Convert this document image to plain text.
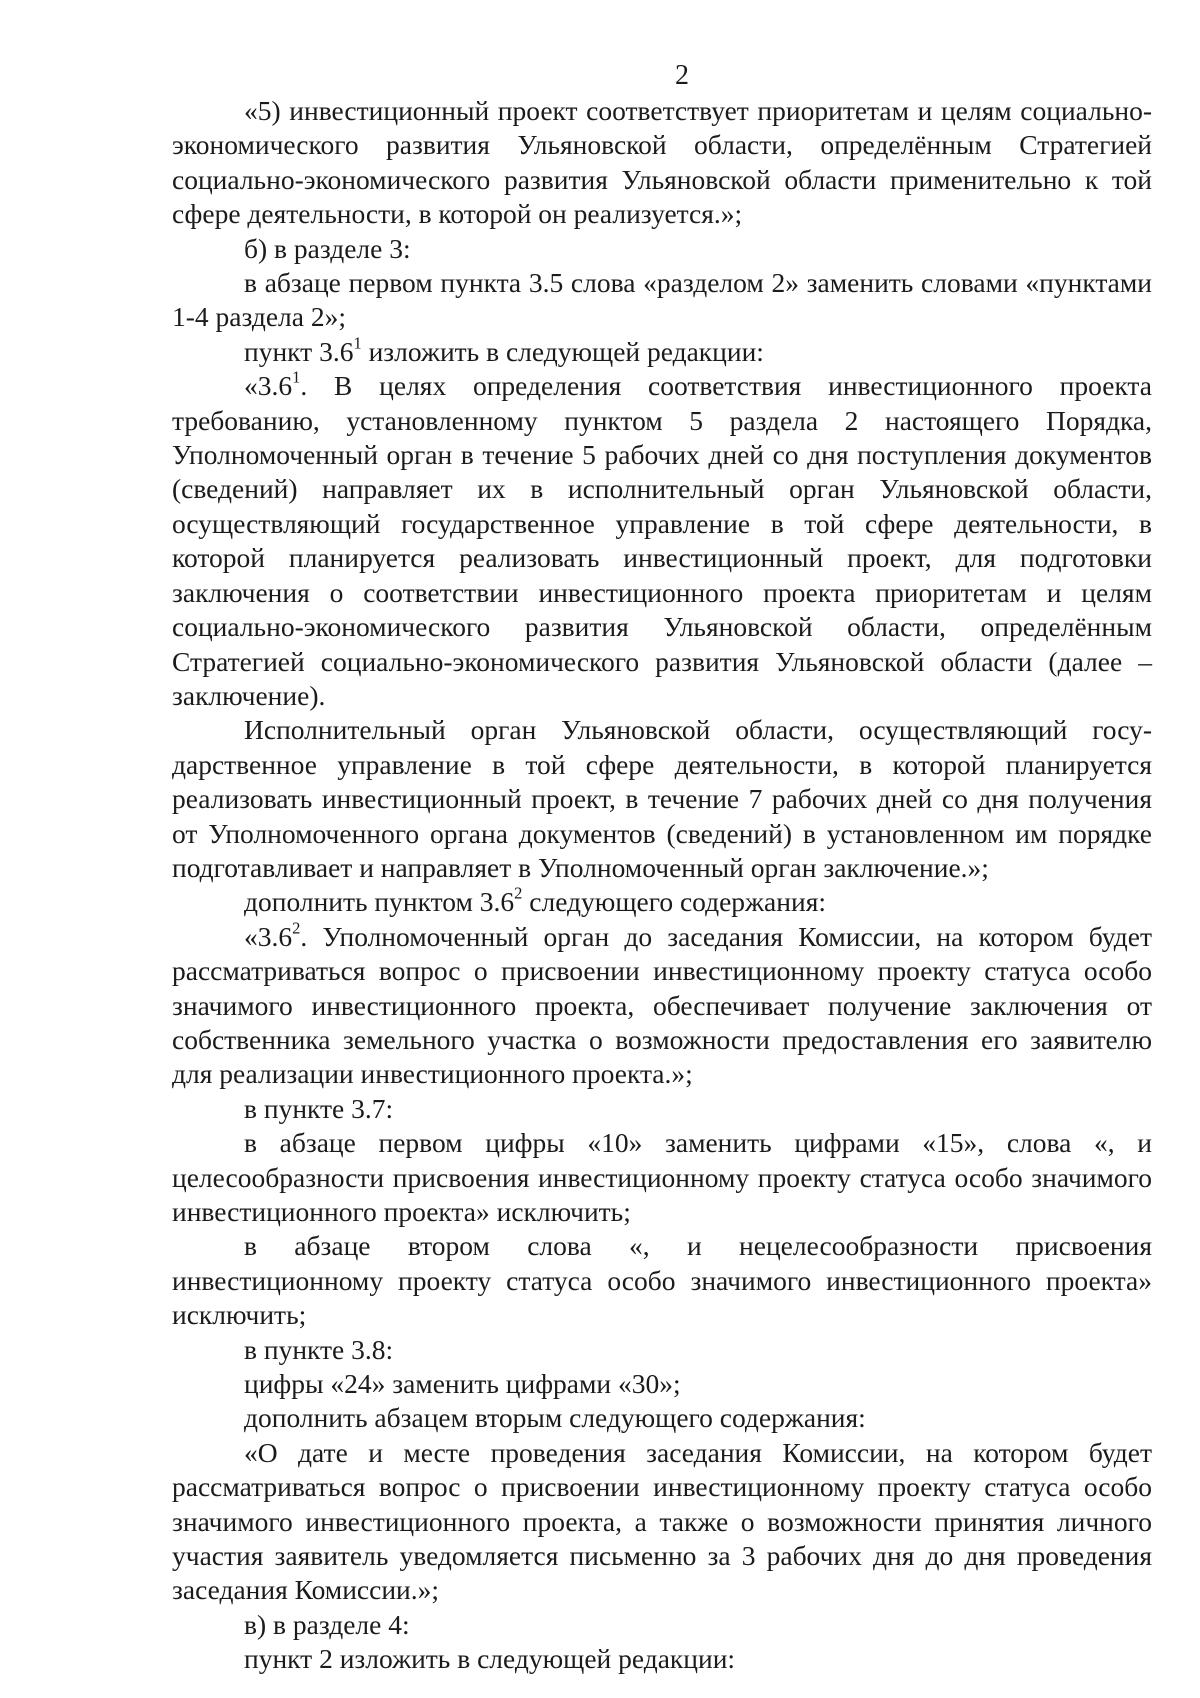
2

«5) инвестиционный проект соответствует приоритетам и целям социально-экономического развития Ульяновской области, определённым Стратегией социально-экономического развития Ульяновской области применительно к той сфере деятельности, в которой он реализуется.»;

б) в разделе 3:

в абзаце первом пункта 3.5 слова «разделом 2» заменить словами «пунктами 1-4 раздела 2»;

пункт $3.6^1$ изложить в следующей редакции:

«$3.6^1$. В целях определения соответствия инвестиционного проекта требованию, установленному пунктом 5 раздела 2 настоящего Порядка, Уполномоченный орган в течение 5 рабочих дней со дня поступления документов (сведений) направляет их в исполнительный орган Ульяновской области, осуществляющий государственное управление в той сфере деятельности, в которой планируется реализовать инвестиционный проект, для подготовки заключения о соответствии инвестиционного проекта приоритетам и целям социально-экономического развития Ульяновской области, определённым Стратегией социально-экономического развития Ульяновской области (далее – заключение).

Исполнительный орган Ульяновской области, осуществляющий госу-дарственное управление в той сфере деятельности, в которой планируется реализовать инвестиционный проект, в течение 7 рабочих дней со дня получения от Уполномоченного органа документов (сведений) в установленном им порядке подготавливает и направляет в Уполномоченный орган заключение.»;

дополнить пунктом $3.6^2$ следующего содержания:

«$3.6^2$. Уполномоченный орган до заседания Комиссии, на котором будет рассматриваться вопрос о присвоении инвестиционному проекту статуса особо значимого инвестиционного проекта, обеспечивает получение заключения от собственника земельного участка о возможности предоставления его заявителю для реализации инвестиционного проекта.»;

в пункте 3.7:

в абзаце первом цифры «10» заменить цифрами «15», слова «, и целесообразности присвоения инвестиционному проекту статуса особо значимого инвестиционного проекта» исключить;

в абзаце втором слова «, и нецелесообразности присвоения инвестиционному проекту статуса особо значимого инвестиционного проекта» исключить;

в пункте 3.8:

цифры «24» заменить цифрами «30»;

дополнить абзацем вторым следующего содержания:

«О дате и месте проведения заседания Комиссии, на котором будет рассматриваться вопрос о присвоении инвестиционному проекту статуса особо значимого инвестиционного проекта, а также о возможности принятия личного участия заявитель уведомляется письменно за 3 рабочих дня до дня проведения заседания Комиссии.»;

в) в разделе 4:

пункт 2 изложить в следующей редакции:
